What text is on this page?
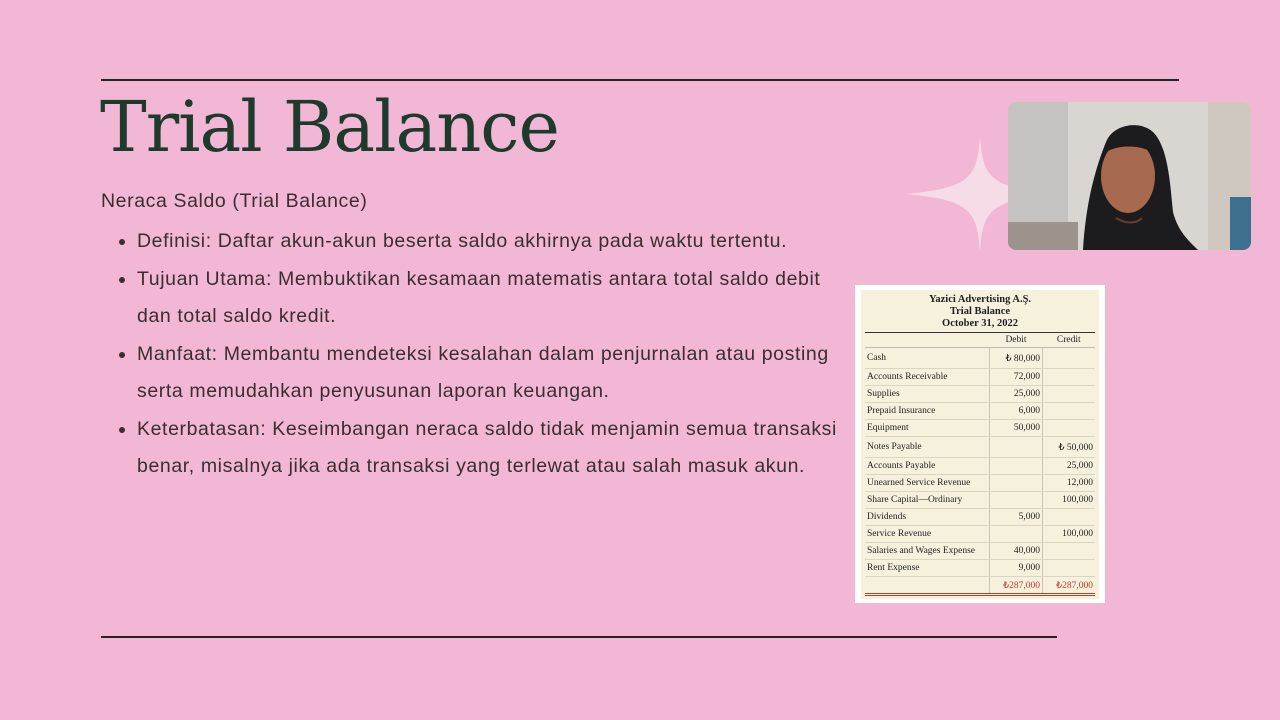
Trial Balance
Neraca Saldo (Trial Balance)
• Definisi: Daftar akun-akun beserta saldo akhirnya pada waktu tertentu.
• Tujuan Utama: Membuktikan kesamaan matematis antara total saldo debit dan total saldo kredit.
• Manfaat: Membantu mendeteksi kesalahan dalam penjurnalan atau posting serta memudahkan penyusunan laporan keuangan.
• Keterbatasan: Keseimbangan neraca saldo tidak menjamin semua transaksi benar, misalnya jika ada transaksi yang terlewat atau salah masuk akun.
Yazici Advertising A.Ş.
Trial Balance
October 31, 2022
	Debit	Credit
Cash	₺ 80,000	
Accounts Receivable	72,000	
Supplies	25,000	
Prepaid Insurance	6,000	
Equipment	50,000	
Notes Payable		₺ 50,000
Accounts Payable		25,000
Unearned Service Revenue		12,000
Share Capital—Ordinary		100,000
Dividends	5,000	
Service Revenue		100,000
Salaries and Wages Expense	40,000	
Rent Expense	9,000	
	₺287,000	₺287,000
